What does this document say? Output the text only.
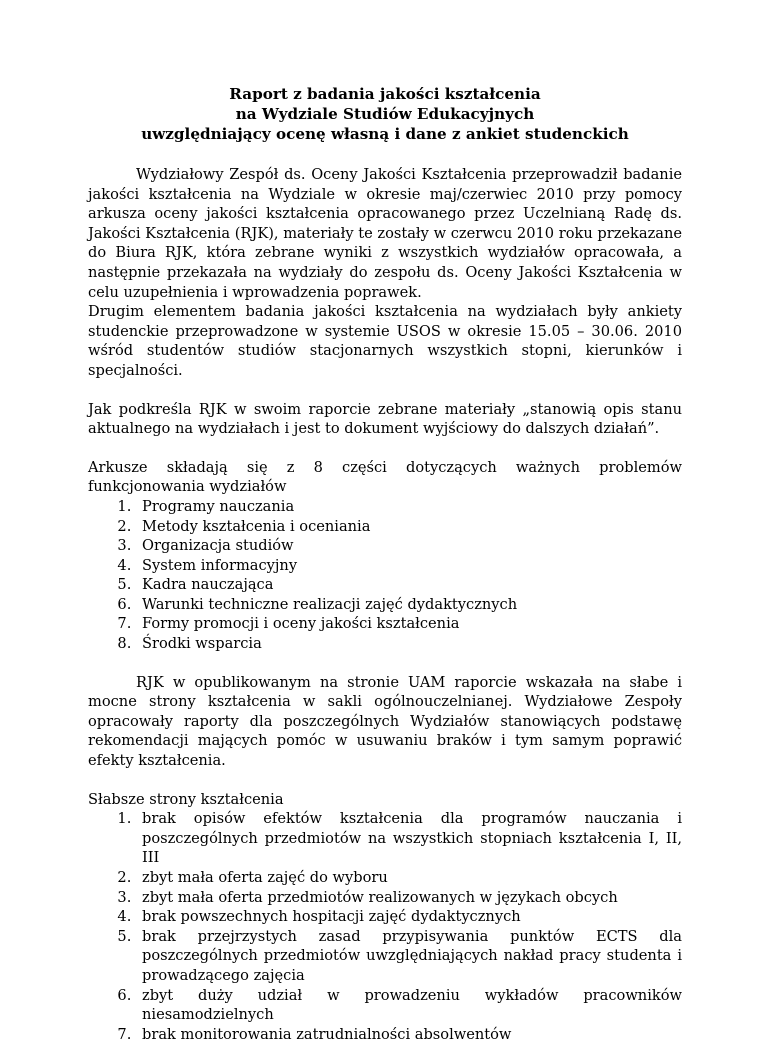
Raport z badania jakości kształcenia
na Wydziale Studiów Edukacyjnych
uwzględniający ocenę własną i dane z ankiet studenckich

Wydziałowy Zespół ds. Oceny Jakości Kształcenia przeprowadził badanie jakości kształcenia na Wydziale w okresie maj/czerwiec 2010 przy pomocy arkusza oceny jakości kształcenia opracowanego przez Uczelnianą Radę ds. Jakości Kształcenia (RJK), materiały te zostały w czerwcu 2010 roku przekazane do Biura RJK, która zebrane wyniki z wszystkich wydziałów opracowała, a następnie przekazała na wydziały do zespołu ds. Oceny Jakości Kształcenia w celu uzupełnienia i wprowadzenia poprawek.

Drugim elementem badania jakości kształcenia na wydziałach były ankiety studenckie przeprowadzone w systemie USOS w okresie 15.05 – 30.06. 2010 wśród studentów studiów stacjonarnych wszystkich stopni, kierunków i specjalności.

Jak podkreśla RJK w swoim raporcie zebrane materiały „stanowią opis stanu aktualnego na wydziałach i jest to dokument wyjściowy do dalszych działań”.

Arkusze składają się z 8 części dotyczących ważnych problemów funkcjonowania wydziałów

1. Programy nauczania
2. Metody kształcenia i oceniania
3. Organizacja studiów
4. System informacyjny
5. Kadra nauczająca
6. Warunki techniczne realizacji zajęć dydaktycznych
7. Formy promocji i oceny jakości kształcenia
8. Środki wsparcia

RJK w opublikowanym na stronie UAM raporcie wskazała na słabe i mocne strony kształcenia w sakli ogólnouczelnianej. Wydziałowe Zespoły opracowały raporty dla poszczególnych Wydziałów stanowiących podstawę rekomendacji mających pomóc w usuwaniu braków i tym samym poprawić efekty kształcenia.

Słabsze strony kształcenia

1. brak opisów efektów kształcenia dla programów nauczania i poszczególnych przedmiotów na wszystkich stopniach kształcenia I, II, III
2. zbyt mała oferta zajęć do wyboru
3. zbyt mała oferta przedmiotów realizowanych w językach obcych
4. brak powszechnych hospitacji zajęć dydaktycznych
5. brak przejrzystych zasad przypisywania punktów ECTS dla poszczególnych przedmiotów uwzględniających nakład pracy studenta i prowadzącego zajęcia
6. zbyt duży udział w prowadzeniu wykładów pracowników niesamodzielnych
7. brak monitorowania zatrudnialności absolwentów
